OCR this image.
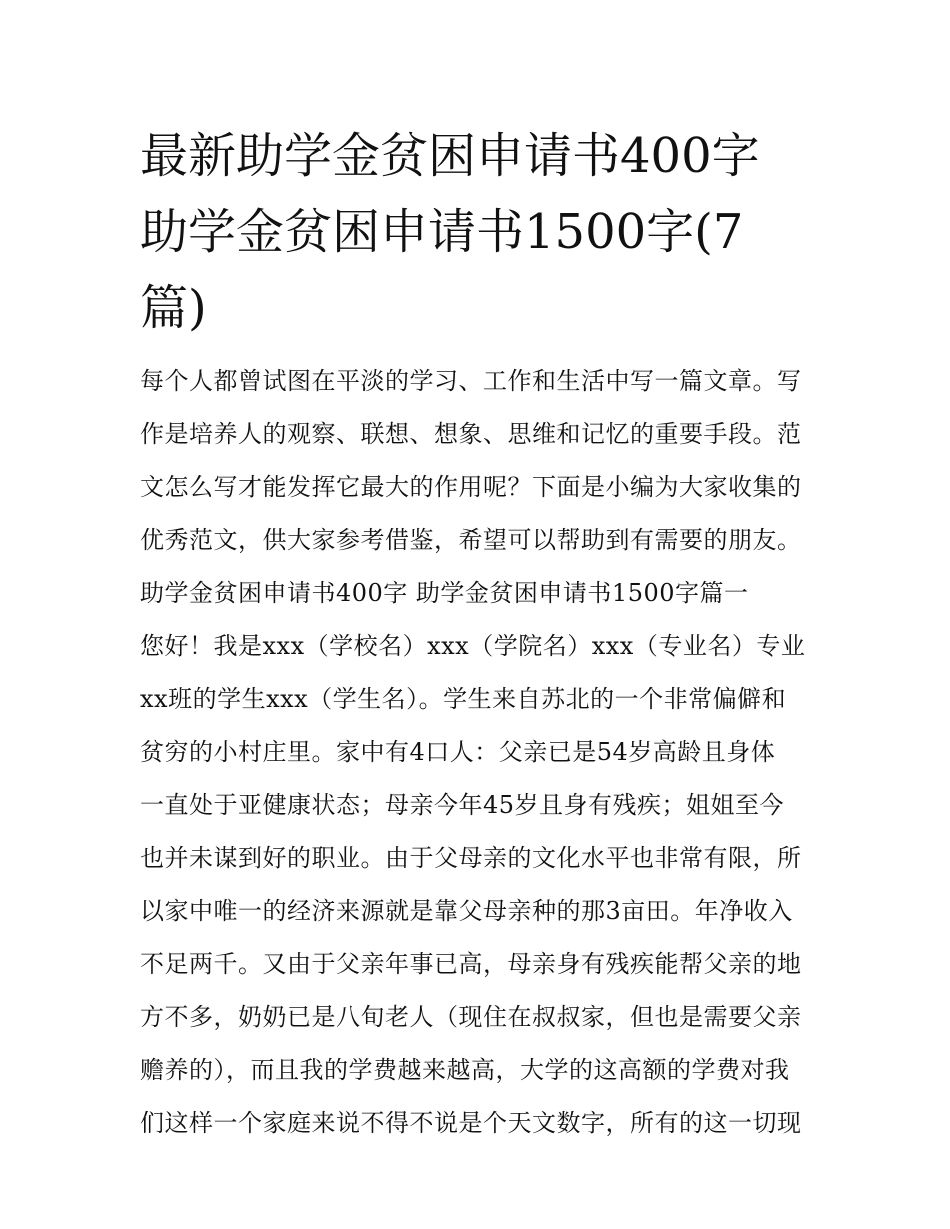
最新助学金贫困申请书400字
助学金贫困申请书1500字(7
篇)

每个人都曾试图在平淡的学习、工作和生活中写一篇文章。写

作是培养人的观察、联想、想象、思维和记忆的重要手段。范

文怎么写才能发挥它最大的作用呢？下面是小编为大家收集的

优秀范文，供大家参考借鉴，希望可以帮助到有需要的朋友。

助学金贫困申请书400字 助学金贫困申请书1500字篇一

您好！我是xxx（学校名）xxx（学院名）xxx（专业名）专业

xx班的学生xxx（学生名）。学生来自苏北的一个非常偏僻和

贫穷的小村庄里。家中有4口人：父亲已是54岁高龄且身体

一直处于亚健康状态；母亲今年45岁且身有残疾；姐姐至今

也并未谋到好的职业。由于父母亲的文化水平也非常有限，所

以家中唯一的经济来源就是靠父母亲种的那3亩田。年净收入

不足两千。又由于父亲年事已高，母亲身有残疾能帮父亲的地

方不多，奶奶已是八旬老人（现住在叔叔家，但也是需要父亲

赡养的），而且我的学费越来越高，大学的这高额的学费对我

们这样一个家庭来说不得不说是个天文数字，所有的这一切现
